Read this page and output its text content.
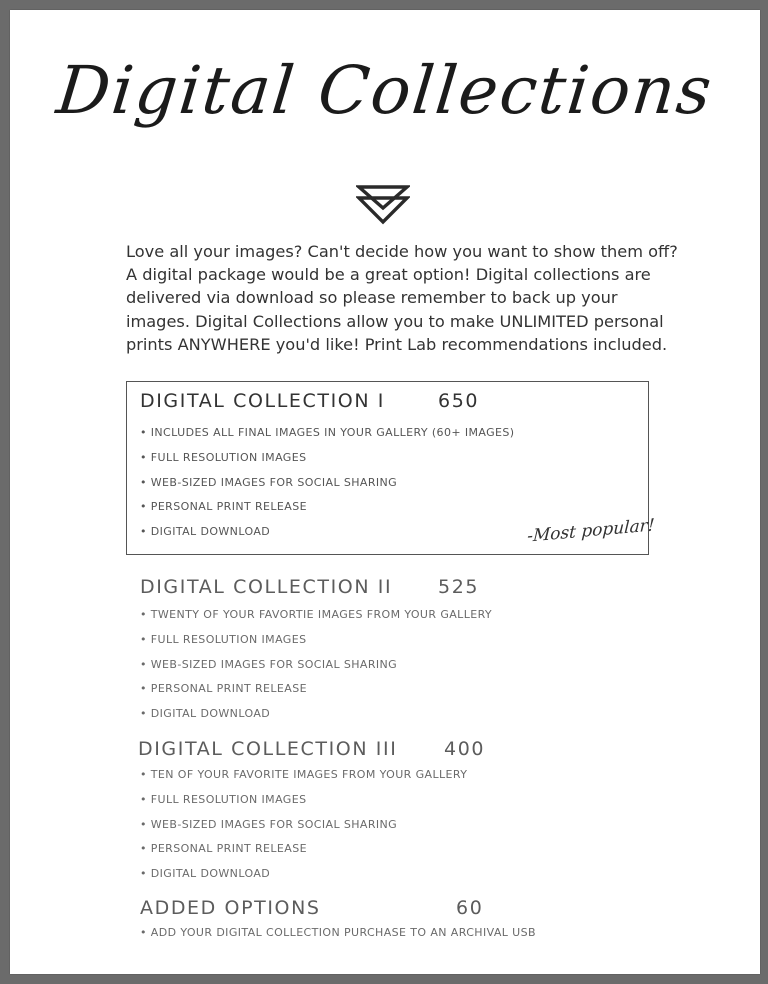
Digital Collections
Love all your images? Can't decide how you want to show them off? A digital package would be a great option! Digital collections are delivered via download so please remember to back up your images. Digital Collections allow you to make UNLIMITED personal prints ANYWHERE you'd like! Print Lab recommendations included.
DIGITAL COLLECTION I	650
• INCLUDES ALL FINAL IMAGES IN YOUR GALLERY (60+ IMAGES)
• FULL RESOLUTION IMAGES
• WEB-SIZED IMAGES FOR SOCIAL SHARING
• PERSONAL PRINT RELEASE
• DIGITAL DOWNLOAD	-Most popular!
DIGITAL COLLECTION II 525
• TWENTY OF YOUR FAVORTIE IMAGES FROM YOUR GALLERY
• FULL RESOLUTION IMAGES
• WEB-SIZED IMAGES FOR SOCIAL SHARING
• PERSONAL PRINT RELEASE
• DIGITAL DOWNLOAD
DIGITAL COLLECTION III 400
• TEN OF YOUR FAVORITE IMAGES FROM YOUR GALLERY
• FULL RESOLUTION IMAGES
• WEB-SIZED IMAGES FOR SOCIAL SHARING
• PERSONAL PRINT RELEASE
• DIGITAL DOWNLOAD
ADDED OPTIONS	60
• ADD YOUR DIGITAL COLLECTION PURCHASE TO AN ARCHIVAL USB
